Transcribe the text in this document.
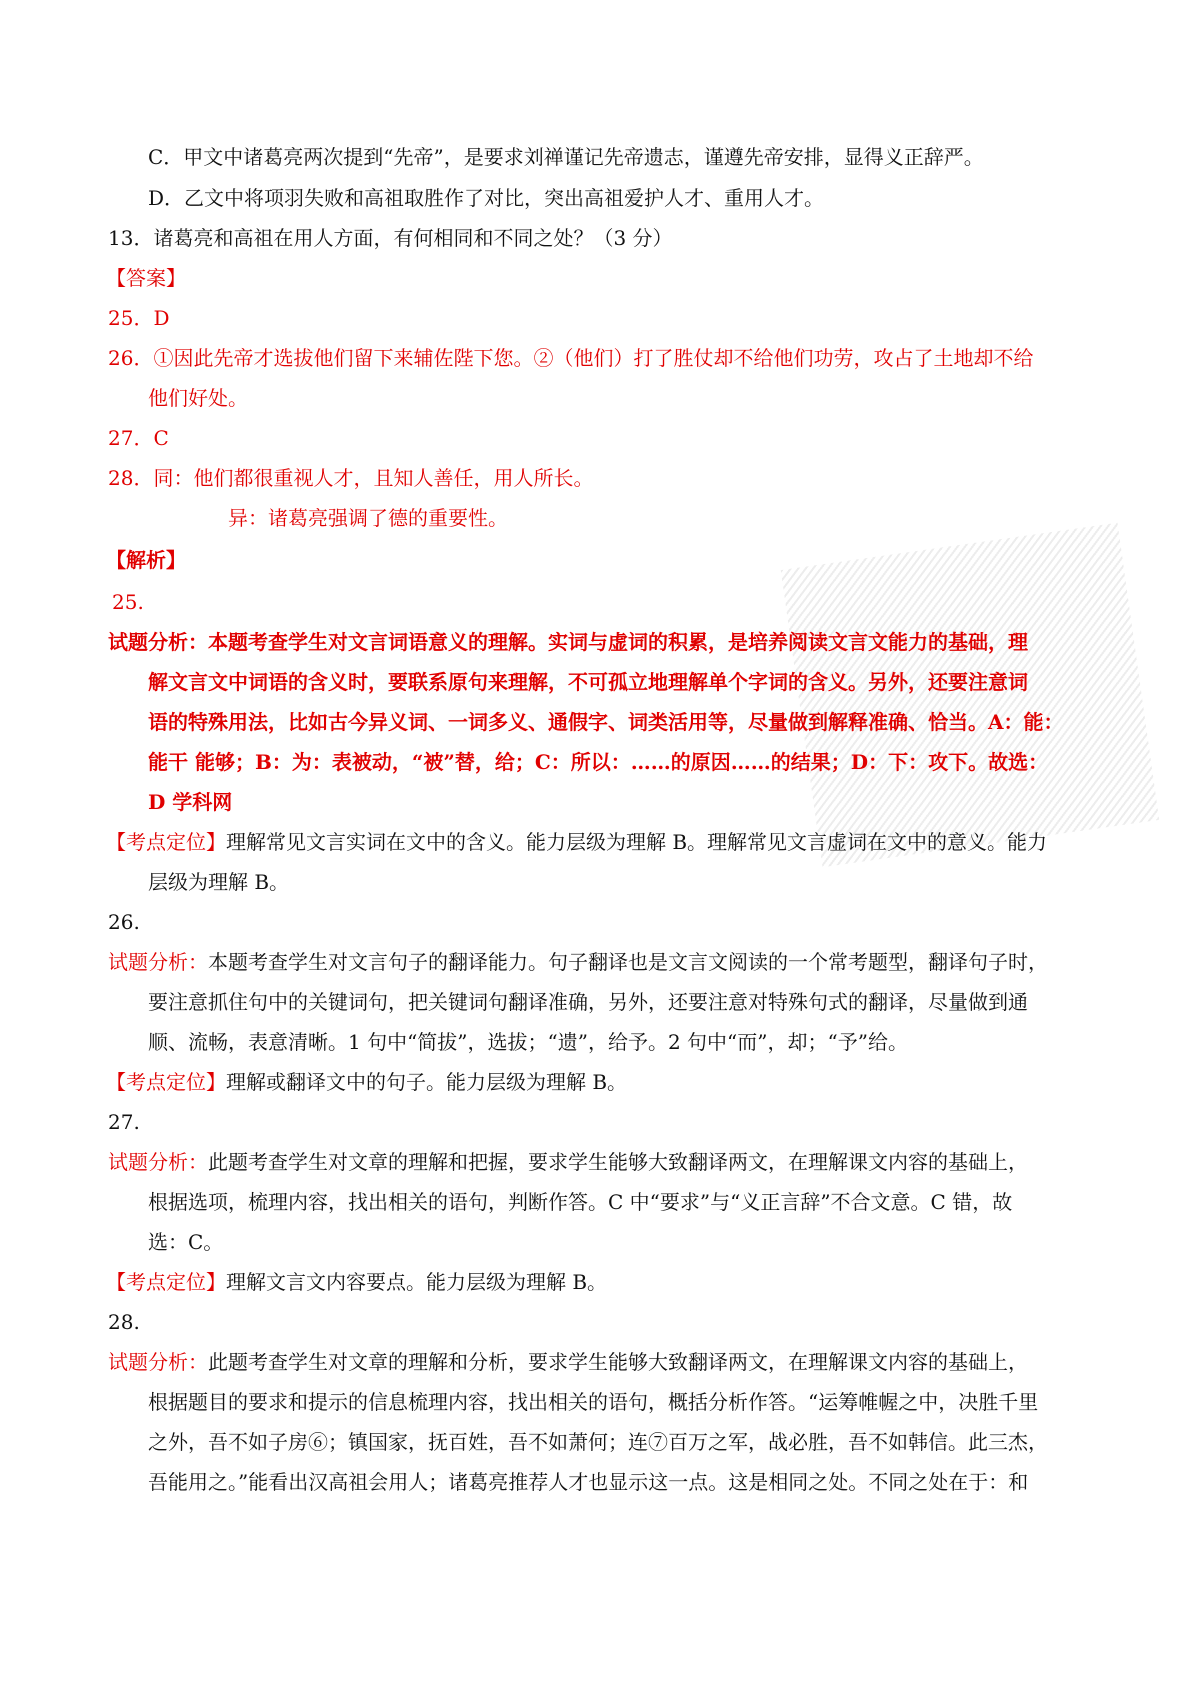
C．甲文中诸葛亮两次提到“先帝”，是要求刘禅谨记先帝遗志，谨遵先帝安排，显得义正辞严。
D．乙文中将项羽失败和高祖取胜作了对比，突出高祖爱护人才、重用人才。
13．诸葛亮和高祖在用人方面，有何相同和不同之处？（3 分）
【答案】
25．D
26．①因此先帝才选拔他们留下来辅佐陛下您。②（他们）打了胜仗却不给他们功劳，攻占了土地却不给
他们好处。
27．C
28．同：他们都很重视人才，且知人善任，用人所长。
异：诸葛亮强调了德的重要性。
【解析】
25.
试题分析：本题考查学生对文言词语意义的理解。实词与虚词的积累，是培养阅读文言文能力的基础，理
解文言文中词语的含义时，要联系原句来理解，不可孤立地理解单个字词的含义。另外，还要注意词
语的特殊用法，比如古今异义词、一词多义、通假字、词类活用等，尽量做到解释准确、恰当。A：能：
能干 能够；B：为：表被动，“被”替，给；C：所以：……的原因……的结果；D：下：攻下。故选：
D 学科网
【考点定位】理解常见文言实词在文中的含义。能力层级为理解 B。理解常见文言虚词在文中的意义。能力
层级为理解 B。
26.
试题分析：本题考查学生对文言句子的翻译能力。句子翻译也是文言文阅读的一个常考题型，翻译句子时，
要注意抓住句中的关键词句，把关键词句翻译准确，另外，还要注意对特殊句式的翻译，尽量做到通
顺、流畅，表意清晰。1 句中“简拔”，选拔；“遗”，给予。2 句中“而”，却；“予”给。
【考点定位】理解或翻译文中的句子。能力层级为理解 B。
27.
试题分析：此题考查学生对文章的理解和把握，要求学生能够大致翻译两文，在理解课文内容的基础上，
根据选项，梳理内容，找出相关的语句，判断作答。C 中“要求”与“义正言辞”不合文意。C 错，故
选：C。
【考点定位】理解文言文内容要点。能力层级为理解 B。
28.
试题分析：此题考查学生对文章的理解和分析，要求学生能够大致翻译两文，在理解课文内容的基础上，
根据题目的要求和提示的信息梳理内容，找出相关的语句，概括分析作答。“运筹帷幄之中，决胜千里
之外，吾不如子房⑥；镇国家，抚百姓，吾不如萧何；连⑦百万之军，战必胜，吾不如韩信。此三杰，
吾能用之。”能看出汉高祖会用人；诸葛亮推荐人才也显示这一点。这是相同之处。不同之处在于：和
